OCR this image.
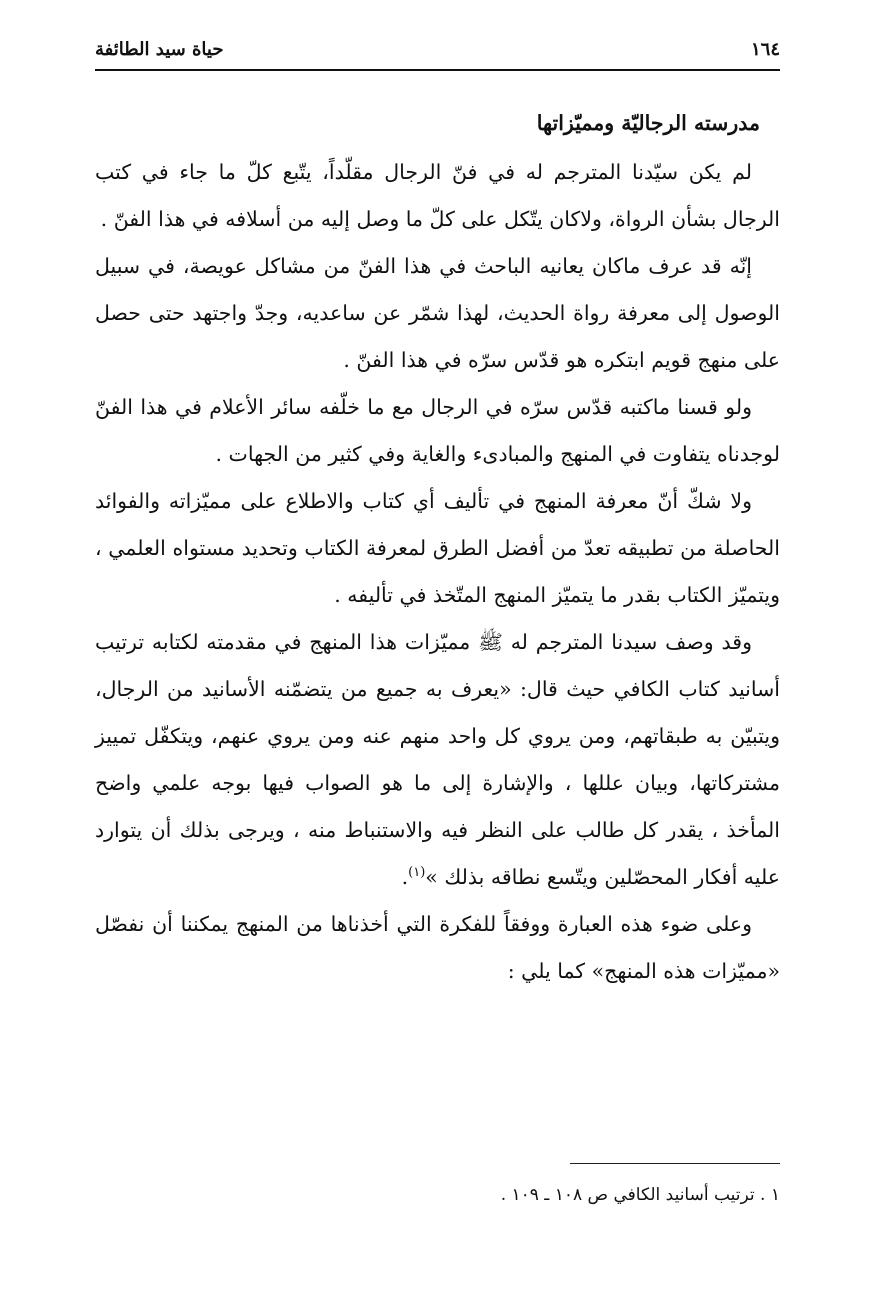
١٦٤
حياة سيد الطائفة

مدرسته الرجاليّة ومميّزاتها

لم يكن سيّدنا المترجم له في فنّ الرجال مقلّداً، يتّبع كلّ ما جاء في كتب الرجال بشأن الرواة، ولاكان يتّكل على كلّ ما وصل إليه من أسلافه في هذا الفنّ .

إنّه قد عرف ماكان يعانيه الباحث في هذا الفنّ من مشاكل عويصة، في سبيل الوصول إلى معرفة رواة الحديث، لهذا شمّر عن ساعديه، وجدّ واجتهد حتى حصل على منهج قويم ابتكره هو قدّس سرّه في هذا الفنّ .

ولو قسنا ماكتبه قدّس سرّه في الرجال مع ما خلّفه سائر الأعلام في هذا الفنّ لوجدناه يتفاوت في المنهج والمبادىء والغاية وفي كثير من الجهات .

ولا شكّ أنّ معرفة المنهج في تأليف أي كتاب والاطلاع على مميّزاته والفوائد الحاصلة من تطبيقه تعدّ من أفضل الطرق لمعرفة الكتاب وتحديد مستواه العلمي ، ويتميّز الكتاب بقدر ما يتميّز المنهج المتّخذ في تأليفه .

وقد وصف سيدنا المترجم له ﷺ مميّزات هذا المنهج في مقدمته لكتابه ترتيب أسانيد كتاب الكافي حيث قال: «يعرف به جميع من يتضمّنه الأسانيد من الرجال، ويتبيّن به طبقاتهم، ومن يروي كل واحد منهم عنه ومن يروي عنهم، ويتكفّل تمييز مشتركاتها، وبيان عللها ، والإشارة إلى ما هو الصواب فيها بوجه علمي واضح المأخذ ، يقدر كل طالب على النظر فيه والاستنباط منه ، ويرجى بذلك أن يتوارد عليه أفكار المحصّلين ويتّسع نطاقه بذلك »$^{(١)}$.

وعلى ضوء هذه العبارة ووفقاً للفكرة التي أخذناها من المنهج يمكننا أن نفصّل «مميّزات هذه المنهج» كما يلي :

١ . ترتيب أسانيد الكافي ص ١٠٨ ـ ١٠٩ .
